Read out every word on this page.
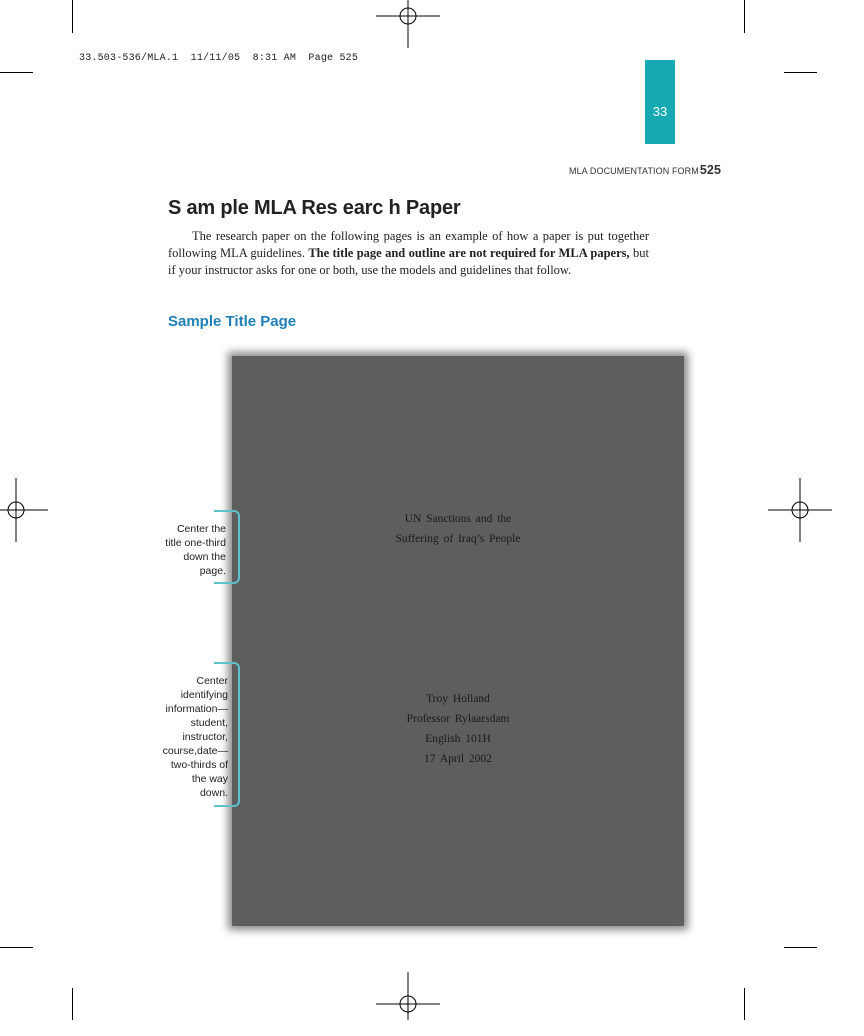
33.503-536/MLA.1  11/11/05  8:31 AM  Page 525
33
MLA DOCUMENTATION FORM525
S am ple MLA Res earc h Paper

The research paper on the following pages is an example of how a paper is put together following MLA guidelines. The title page and outline are not required for MLA papers, but if your instructor asks for one or both, use the models and guidelines that follow.

Sample Title Page
UN Sanctions and the
Suffering of Iraq’s People
Troy Holland
Professor Rylaarsdam
English 101H
17 April 2002
Center the
title one-third
down the
page.
Center
identifying
information—
student,
instructor,
course,date—
two-thirds of
the way
down.
